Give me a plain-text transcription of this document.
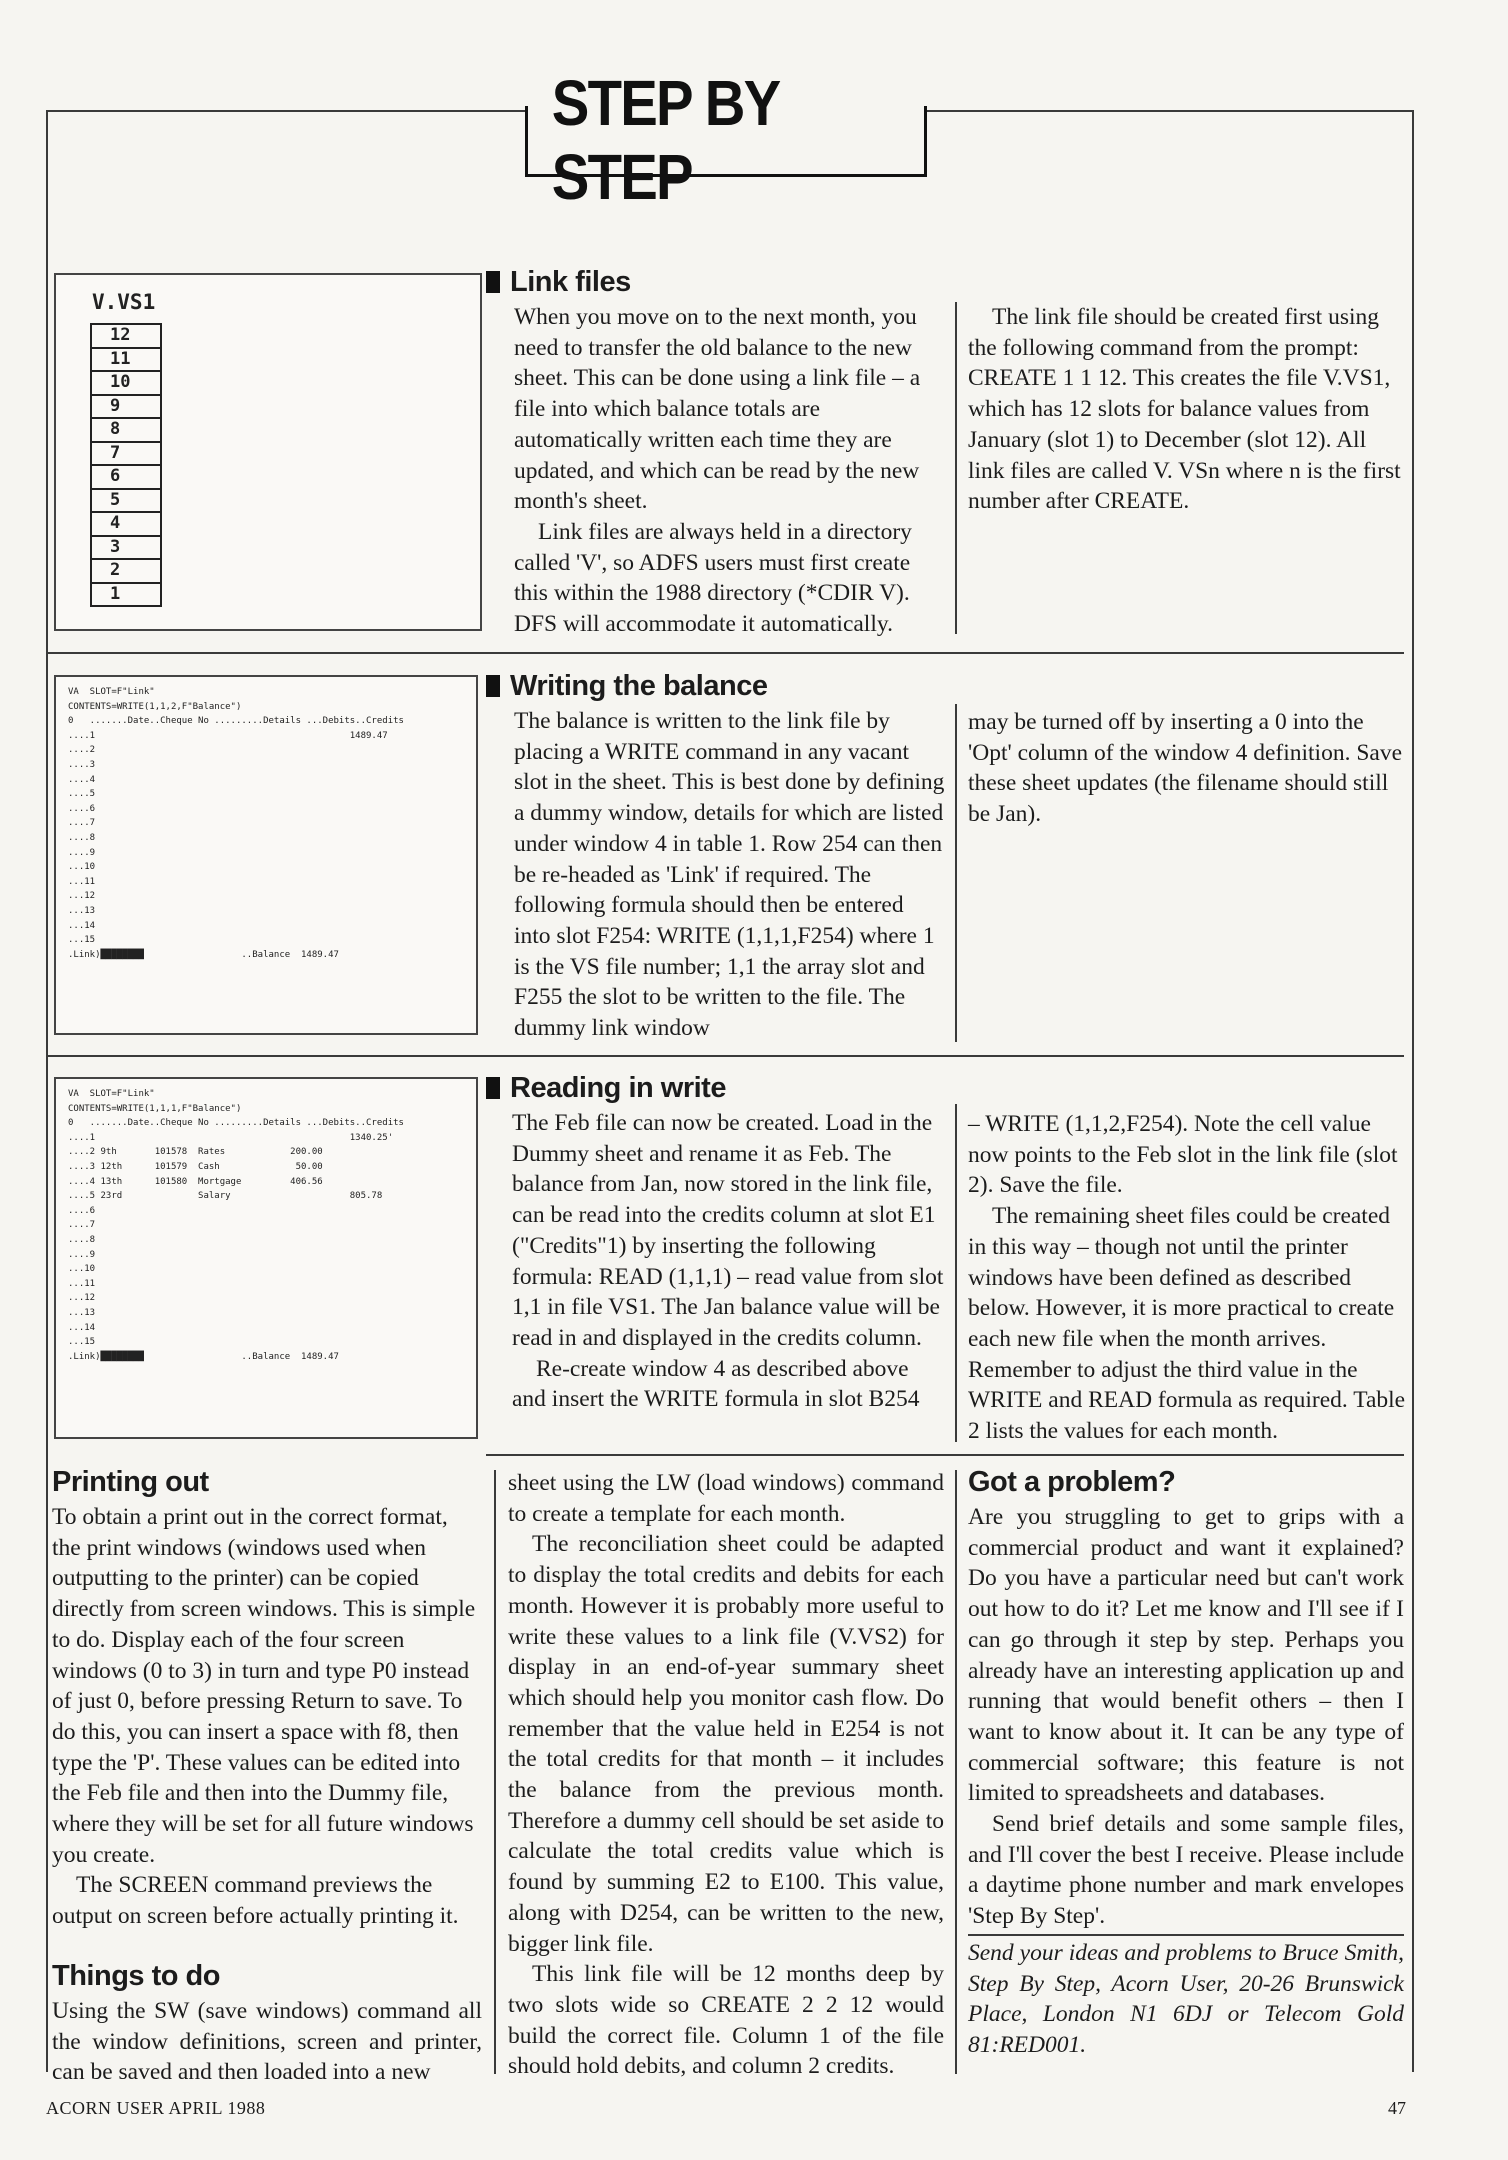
STEP BY STEP
V.VS1
12
11
10
9
8
7
6
5
4
3
2
1
VA  SLOT=F"Link"
CONTENTS=WRITE(1,1,2,F"Balance")
0   .......Date..Cheque No .........Details ...Debits..Credits
....1                                               1489.47
....2
....3
....4
....5
....6
....7
....8
....9
...10
...11
...12
...13
...14
...15
.Link)████████                  ..Balance  1489.47
VA  SLOT=F"Link"
CONTENTS=WRITE(1,1,1,F"Balance")
0   .......Date..Cheque No .........Details ...Debits..Credits
....1                                               1340.25'
....2 9th       101578  Rates            200.00
....3 12th      101579  Cash              50.00
....4 13th      101580  Mortgage         406.56
....5 23rd              Salary                      805.78
....6
....7
....8
....9
...10
...11
...12
...13
...14
...15
.Link)████████                  ..Balance  1489.47
Link files

When you move on to the next month, you need to transfer the old balance to the new sheet. This can be done using a link file – a file into which balance totals are automatically written each time they are updated, and which can be read by the new month's sheet.

Link files are always held in a directory called 'V', so ADFS users must first create this within the 1988 directory (*CDIR V). DFS will accommodate it automatically.

The link file should be created first using the following command from the prompt: CREATE 1 1 12. This creates the file V.VS1, which has 12 slots for balance values from January (slot 1) to December (slot 12). All link files are called V. VSn where n is the first number after CREATE.

Writing the balance

The balance is written to the link file by placing a WRITE command in any vacant slot in the sheet. This is best done by defining a dummy window, details for which are listed under window 4 in table 1. Row 254 can then be re-headed as 'Link' if required. The following formula should then be entered into slot F254: WRITE (1,1,1,F254) where 1 is the VS file number; 1,1 the array slot and F255 the slot to be written to the file. The dummy link window

may be turned off by inserting a 0 into the 'Opt' column of the window 4 definition. Save these sheet updates (the filename should still be Jan).

Reading in write

The Feb file can now be created. Load in the Dummy sheet and rename it as Feb. The balance from Jan, now stored in the link file, can be read into the credits column at slot E1 ("Credits"1) by inserting the following formula: READ (1,1,1) – read value from slot 1,1 in file VS1. The Jan balance value will be read in and displayed in the credits column.

Re-create window 4 as described above and insert the WRITE formula in slot B254

– WRITE (1,1,2,F254). Note the cell value now points to the Feb slot in the link file (slot 2). Save the file.

The remaining sheet files could be created in this way – though not until the printer windows have been defined as described below. However, it is more practical to create each new file when the month arrives. Remember to adjust the third value in the WRITE and READ formula as required. Table 2 lists the values for each month.

Printing out

To obtain a print out in the correct format, the print windows (windows used when outputting to the printer) can be copied directly from screen windows. This is simple to do. Display each of the four screen windows (0 to 3) in turn and type P0 instead of just 0, before pressing Return to save. To do this, you can insert a space with f8, then type the 'P'. These values can be edited into the Feb file and then into the Dummy file, where they will be set for all future windows you create.

The SCREEN command previews the output on screen before actually printing it.

Things to do

Using the SW (save windows) command all the window definitions, screen and printer, can be saved and then loaded into a new

sheet using the LW (load windows) command to create a template for each month.

The reconciliation sheet could be adapted to display the total credits and debits for each month. However it is probably more useful to write these values to a link file (V.VS2) for display in an end-of-year summary sheet which should help you monitor cash flow. Do remember that the value held in E254 is not the total credits for that month – it includes the balance from the previous month. Therefore a dummy cell should be set aside to calculate the total credits value which is found by summing E2 to E100. This value, along with D254, can be written to the new, bigger link file.

This link file will be 12 months deep by two slots wide so CREATE 2 2 12 would build the correct file. Column 1 of the file should hold debits, and column 2 credits.

Got a problem?

Are you struggling to get to grips with a commercial product and want it explained? Do you have a particular need but can't work out how to do it? Let me know and I'll see if I can go through it step by step. Perhaps you already have an interesting application up and running that would benefit others – then I want to know about it. It can be any type of commercial software; this feature is not limited to spreadsheets and databases.

Send brief details and some sample files, and I'll cover the best I receive. Please include a daytime phone number and mark envelopes 'Step By Step'.

Send your ideas and problems to Bruce Smith, Step By Step, Acorn User, 20-26 Brunswick Place, London N1 6DJ or Telecom Gold 81:RED001.

ACORN USER APRIL 1988	47
